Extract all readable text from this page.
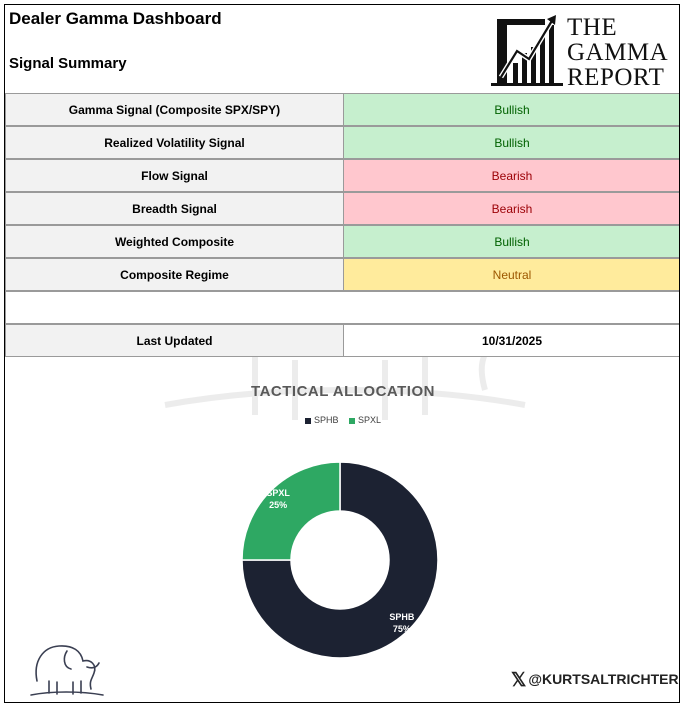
Dealer Gamma Dashboard
Signal Summary
THE
GAMMA
REPORT
Gamma Signal (Composite SPX/SPY)	Bullish
Realized Volatility Signal	Bullish
Flow Signal	Bearish
Breadth Signal	Bearish
Weighted Composite	Bullish
Composite Regime	Neutral
Last Updated	10/31/2025
TACTICAL ALLOCATION
SPHB SPXL
SPHB
75%
SPXL
25%
𝕏 @KURTSALTRICHTER
